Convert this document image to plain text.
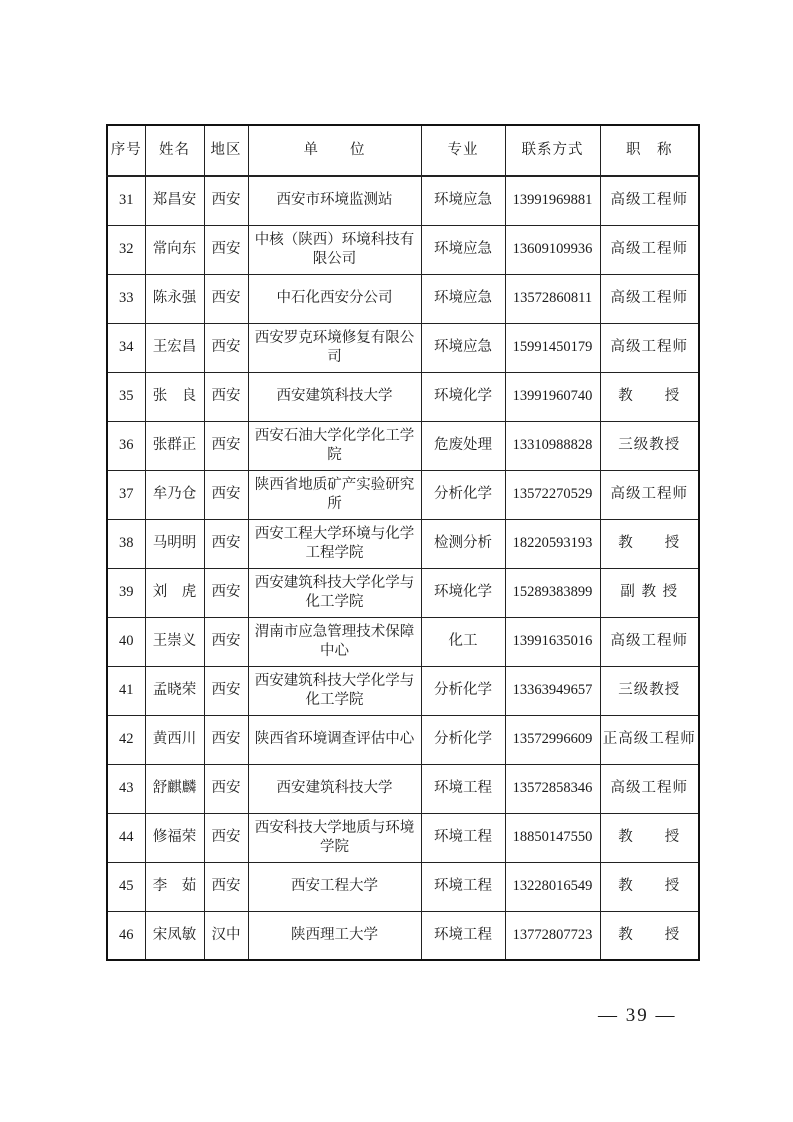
序号	姓名	地区	单　　位	专业	联系方式	职　称
31	郑昌安	西安	西安市环境监测站	环境应急	13991969881	高级工程师
32	常向东	西安	中核（陕西）环境科技有限公司	环境应急	13609109936	高级工程师
33	陈永强	西安	中石化西安分公司	环境应急	13572860811	高级工程师
34	王宏昌	西安	西安罗克环境修复有限公司	环境应急	15991450179	高级工程师
35	张　良	西安	西安建筑科技大学	环境化学	13991960740	教　　授
36	张群正	西安	西安石油大学化学化工学院	危废处理	13310988828	三级教授
37	牟乃仓	西安	陕西省地质矿产实验研究所	分析化学	13572270529	高级工程师
38	马明明	西安	西安工程大学环境与化学工程学院	检测分析	18220593193	教　　授
39	刘　虎	西安	西安建筑科技大学化学与化工学院	环境化学	15289383899	副 教 授
40	王崇义	西安	渭南市应急管理技术保障中心	化工	13991635016	高级工程师
41	孟晓荣	西安	西安建筑科技大学化学与化工学院	分析化学	13363949657	三级教授
42	黄西川	西安	陕西省环境调查评估中心	分析化学	13572996609	正高级工程师
43	舒麒麟	西安	西安建筑科技大学	环境工程	13572858346	高级工程师
44	修福荣	西安	西安科技大学地质与环境学院	环境工程	18850147550	教　　授
45	李　茹	西安	西安工程大学	环境工程	13228016549	教　　授
46	宋凤敏	汉中	陕西理工大学	环境工程	13772807723	教　　授
— 39 —
